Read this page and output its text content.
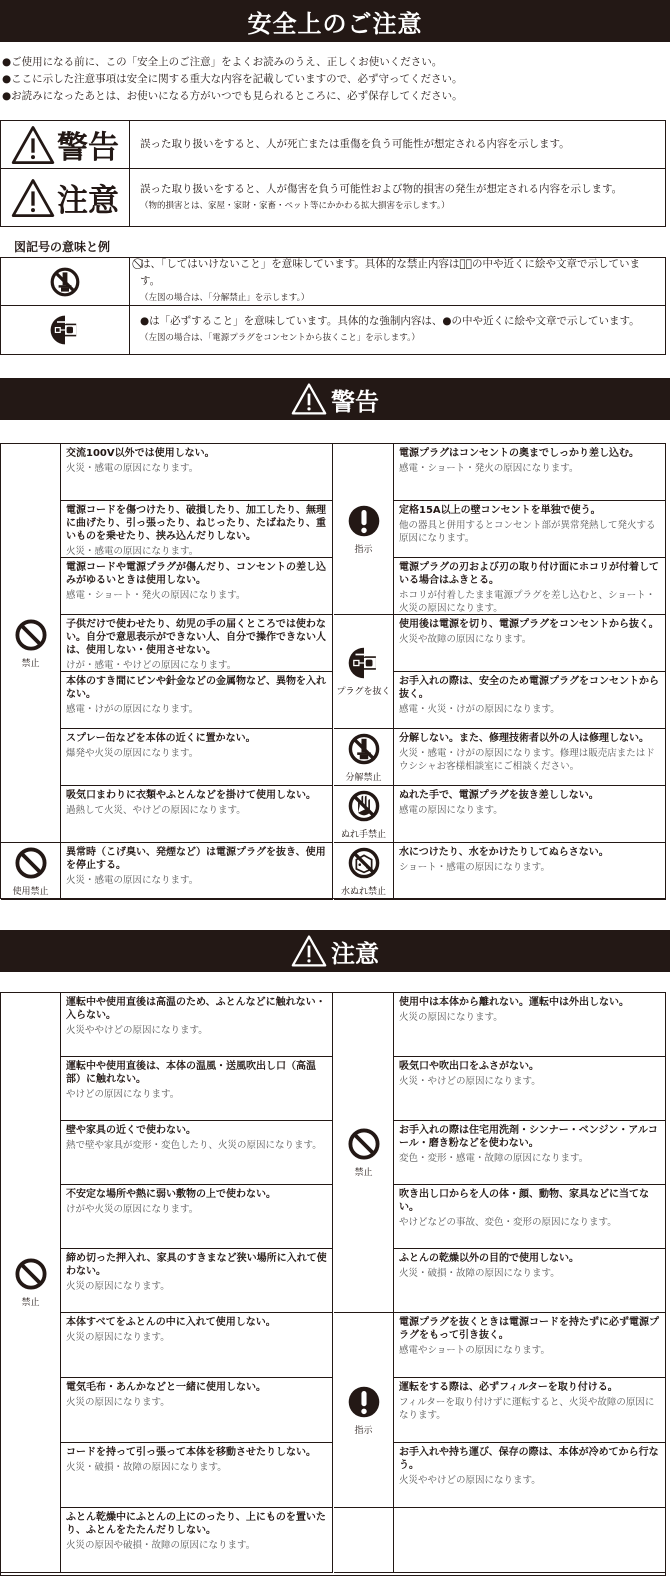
安全上のご注意
●ご使用になる前に、この「安全上のご注意」をよくお読みのうえ、正しくお使いください。
●ここに示した注意事項は安全に関する重大な内容を記載していますので、必ず守ってください。
●お読みになったあとは、お使いになる方がいつでも見られるところに、必ず保存してください。
警告 誤った取り扱いをすると、人が死亡または重傷を負う可能性が想定される内容を示します。
注意 誤った取り扱いをすると、人が傷害を負う可能性および物的損害の発生が想定される内容を示します。
（物的損害とは、家屋・家財・家畜・ペット等にかかわる拡大損害を示します。）
図記号の意味と例
⃠は、「してはいけないこと」を意味しています。具体的な禁止内容は、⃠の中や近くに絵や文章で示しています。
（左図の場合は、「分解禁止」を示します。）
●は「必ずすること」を意味しています。具体的な強制内容は、●の中や近くに絵や文章で示しています。
（左図の場合は、「電源プラグをコンセントから抜くこと」を示します。）
警告
禁止
交流100V以外では使用しない。
火災・感電の原因になります。
電源コードを傷つけたり、破損したり、加工したり、無理に曲げたり、引っ張ったり、ねじったり、たばねたり、重いものを乗せたり、挟み込んだりしない。
火災・感電の原因になります。
電源コードや電源プラグが傷んだり、コンセントの差し込みがゆるいときは使用しない。
感電・ショート・発火の原因になります。
子供だけで使わせたり、幼児の手の届くところでは使わない。自分で意思表示ができない人、自分で操作できない人は、使用しない・使用させない。
けが・感電・やけどの原因になります。
本体のすき間にピンや針金などの金属物など、異物を入れない。
感電・けがの原因になります。
スプレー缶などを本体の近くに置かない。
爆発や火災の原因になります。
吸気口まわりに衣類やふとんなどを掛けて使用しない。
過熱して火災、やけどの原因になります。
使用禁止
異常時（こげ臭い、発煙など）は電源プラグを抜き、使用を停止する。
火災・感電の原因になります。
指示
電源プラグはコンセントの奥までしっかり差し込む。
感電・ショート・発火の原因になります。
定格15A以上の壁コンセントを単独で使う。
他の器具と併用するとコンセント部が異常発熱して発火する原因になります。
電源プラグの刃および刃の取り付け面にホコリが付着している場合はふきとる。
ホコリが付着したまま電源プラグを差し込むと、ショート・火災の原因になります。
プラグを抜く
使用後は電源を切り、電源プラグをコンセントから抜く。
火災や故障の原因になります。
お手入れの際は、安全のため電源プラグをコンセントから抜く。
感電・火災・けがの原因になります。
分解禁止
分解しない。また、修理技術者以外の人は修理しない。
火災・感電・けがの原因になります。修理は販売店またはドウシシャお客様相談室にご相談ください。
ぬれ手禁止
ぬれた手で、電源プラグを抜き差ししない。
感電の原因になります。
水ぬれ禁止
水につけたり、水をかけたりしてぬらさない。
ショート・感電の原因になります。
注意
禁止
運転中や使用直後は高温のため、ふとんなどに触れない・入らない。
火災ややけどの原因になります。
運転中や使用直後は、本体の温風・送風吹出し口（高温部）に触れない。
やけどの原因になります。
壁や家具の近くで使わない。
熱で壁や家具が変形・変色したり、火災の原因になります。
不安定な場所や熱に弱い敷物の上で使わない。
けがや火災の原因になります。
締め切った押入れ、家具のすきまなど狭い場所に入れて使わない。
火災の原因になります。
本体すべてをふとんの中に入れて使用しない。
火災の原因になります。
電気毛布・あんかなどと一緒に使用しない。
火災の原因になります。
コードを持って引っ張って本体を移動させたりしない。
火災・破損・故障の原因になります。
ふとん乾燥中にふとんの上にのったり、上にものを置いたり、ふとんをたたんだりしない。
火災の原因や破損・故障の原因になります。
禁止
使用中は本体から離れない。運転中は外出しない。
火災の原因になります。
吸気口や吹出口をふさがない。
火災・やけどの原因になります。
お手入れの際は住宅用洗剤・シンナー・ベンジン・アルコール・磨き粉などを使わない。
変色・変形・感電・故障の原因になります。
吹き出し口からを人の体・顔、動物、家具などに当てない。
やけどなどの事故、変色・変形の原因になります。
ふとんの乾燥以外の目的で使用しない。
火災・破損・故障の原因になります。
指示
電源プラグを抜くときは電源コードを持たずに必ず電源プラグをもって引き抜く。
感電やショートの原因になります。
運転をする際は、必ずフィルターを取り付ける。
フィルターを取り付けずに運転すると、火災や故障の原因になります。
お手入れや持ち運び、保存の際は、本体が冷めてから行なう。
火災ややけどの原因になります。
